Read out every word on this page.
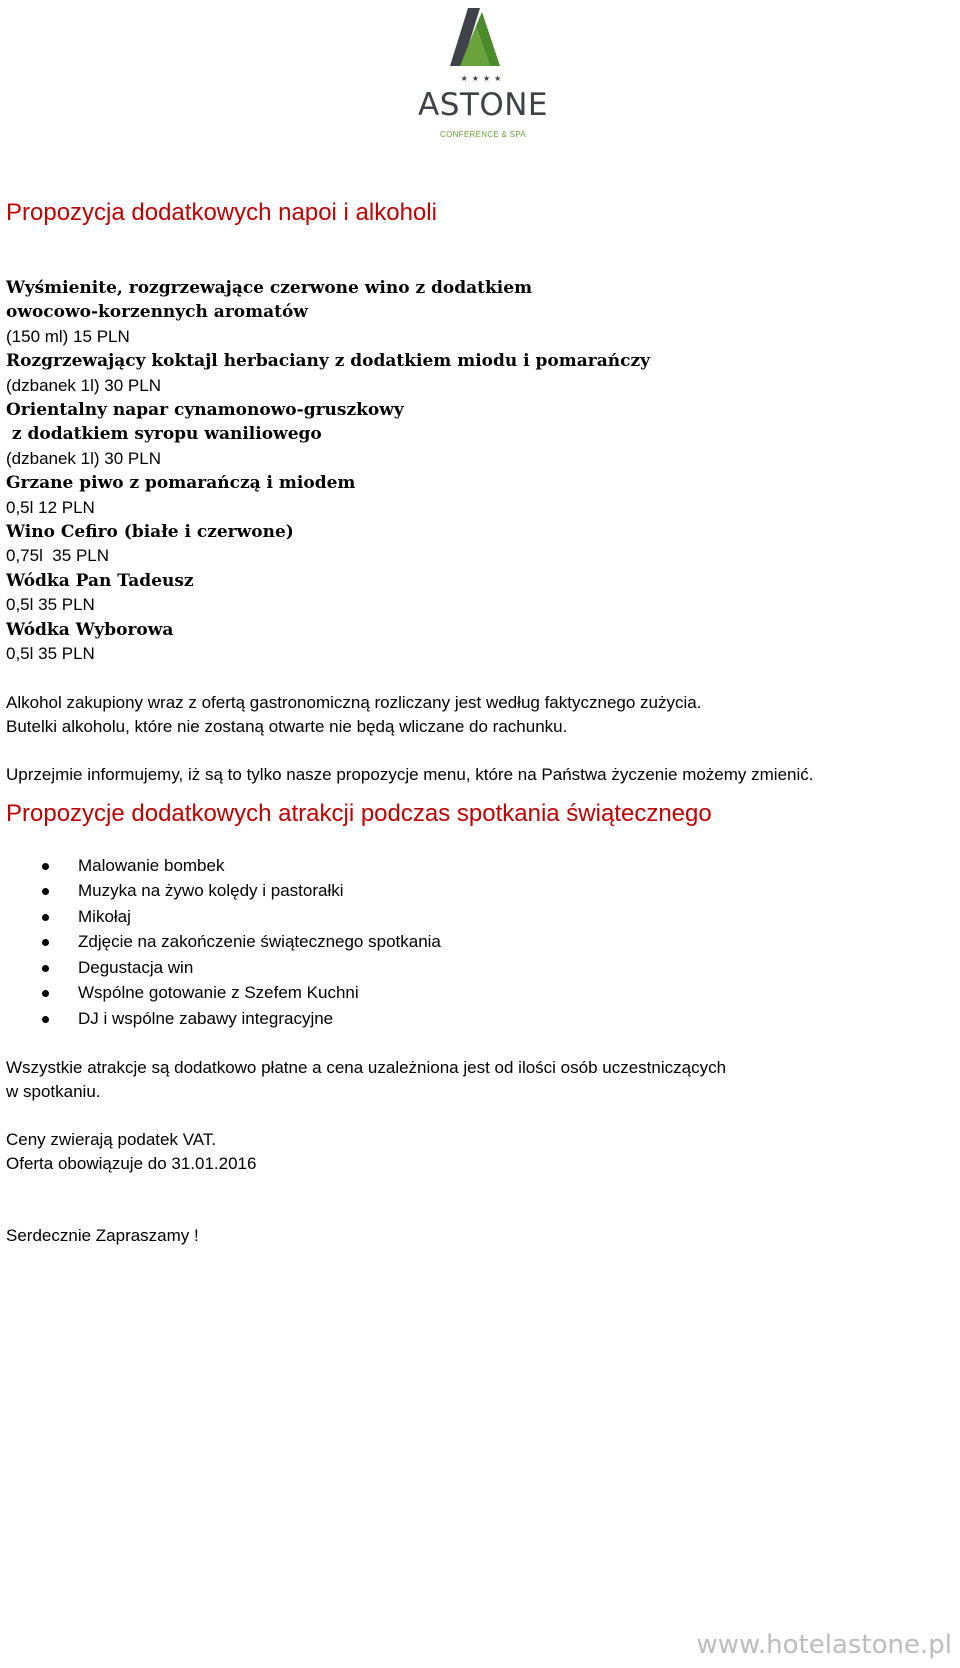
★★★★
ASTONE
CONFERENCE & SPA
Propozycja dodatkowych napoi i alkoholi
Wyśmienite, rozgrzewające czerwone wino z dodatkiem
owocowo-korzennych aromatów
(150 ml) 15 PLN
Rozgrzewający koktajl herbaciany z dodatkiem miodu i pomarańczy
(dzbanek 1l) 30 PLN
Orientalny napar cynamonowo-gruszkowy
z dodatkiem syropu waniliowego
(dzbanek 1l) 30 PLN
Grzane piwo z pomarańczą i miodem
0,5l 12 PLN
Wino Cefiro (białe i czerwone)
0,75l  35 PLN
Wódka Pan Tadeusz
0,5l 35 PLN
Wódka Wyborowa
0,5l 35 PLN
Alkohol zakupiony wraz z ofertą gastronomiczną rozliczany jest według faktycznego zużycia.
Butelki alkoholu, które nie zostaną otwarte nie będą wliczane do rachunku.
Uprzejmie informujemy, iż są to tylko nasze propozycje menu, które na Państwa życzenie możemy zmienić.
Propozycje dodatkowych atrakcji podczas spotkania świątecznego
Malowanie bombek
Muzyka na żywo kolędy i pastorałki
Mikołaj
Zdjęcie na zakończenie świątecznego spotkania
Degustacja win
Wspólne gotowanie z Szefem Kuchni
DJ i wspólne zabawy integracyjne
Wszystkie atrakcje są dodatkowo płatne a cena uzależniona jest od ilości osób uczestniczących
w spotkaniu.
Ceny zwierają podatek VAT.
Oferta obowiązuje do 31.01.2016
Serdecznie Zapraszamy !
www.hotelastone.pl
